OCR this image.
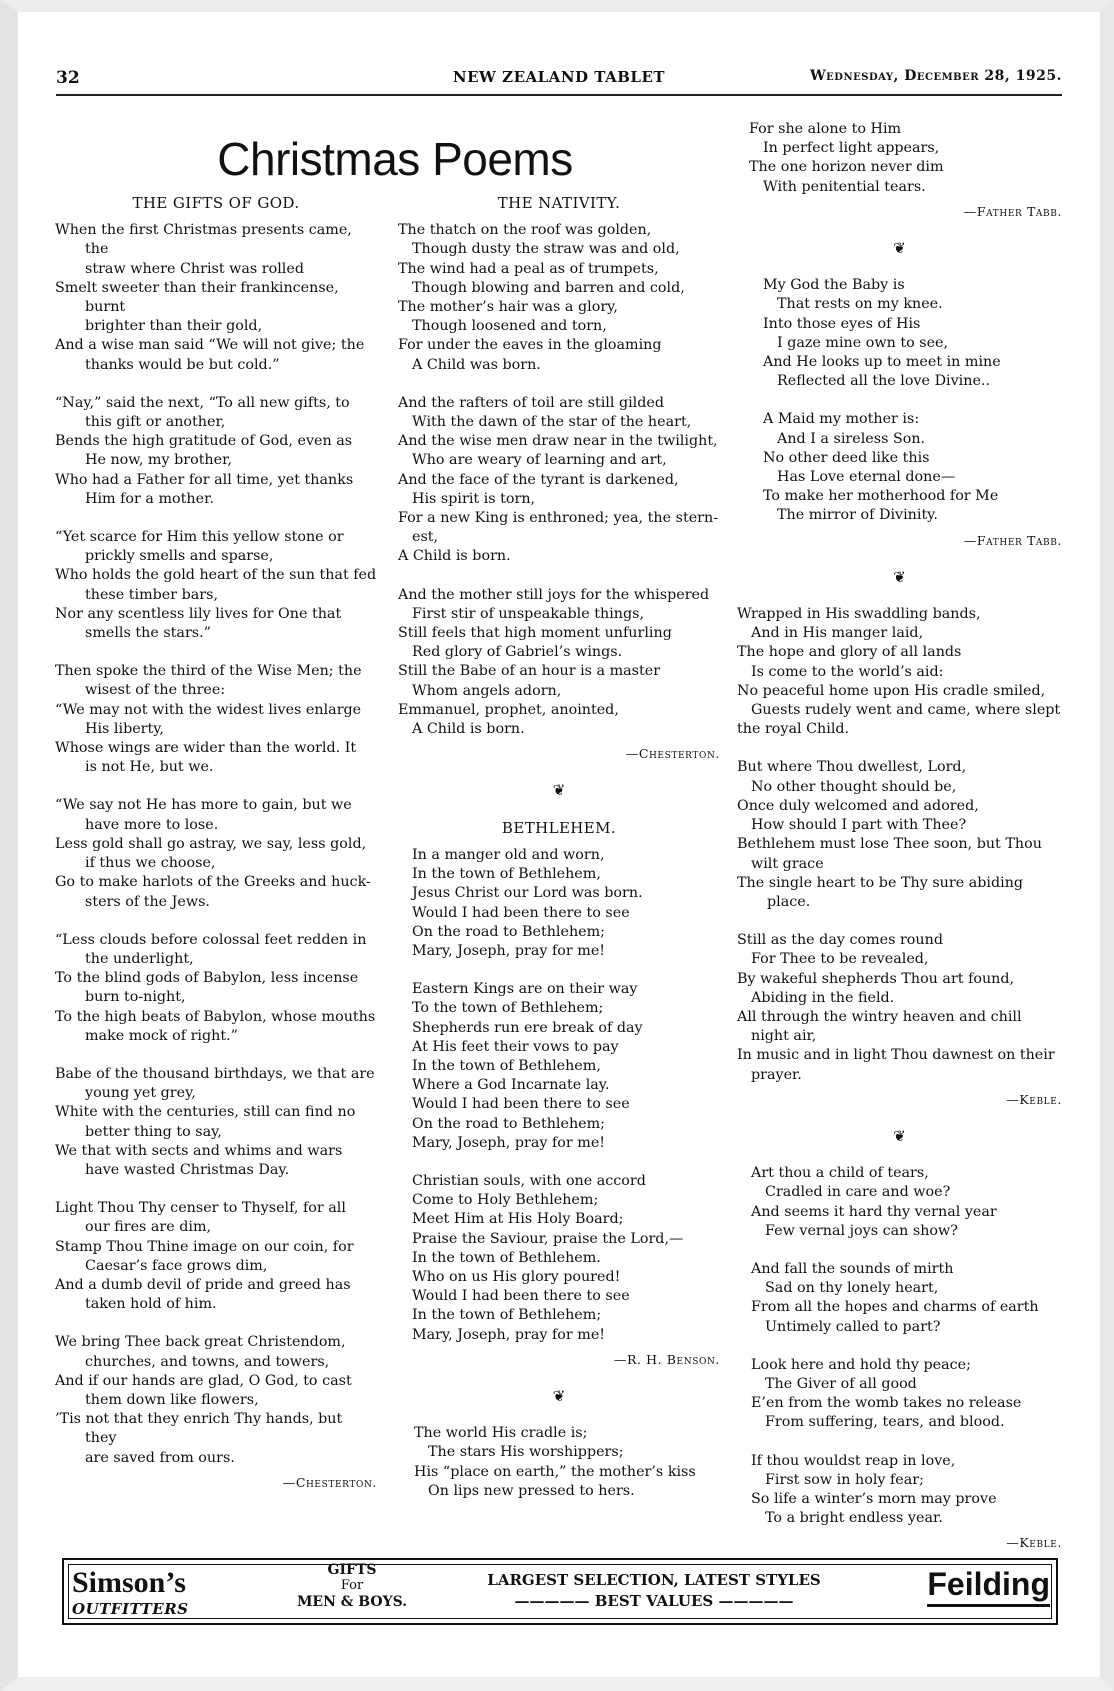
32	NEW ZEALAND TABLET	Wednesday, December 28, 1925.
Christmas Poems
THE GIFTS OF GOD.
When the first Christmas presents came, the
straw where Christ was rolled
Smelt sweeter than their frankincense, burnt
brighter than their gold,
And a wise man said “We will not give; the
thanks would be but cold.”
“Nay,” said the next, “To all new gifts, to
this gift or another,
Bends the high gratitude of God, even as
He now, my brother,
Who had a Father for all time, yet thanks
Him for a mother.
“Yet scarce for Him this yellow stone or
prickly smells and sparse,
Who holds the gold heart of the sun that fed
these timber bars,
Nor any scentless lily lives for One that
smells the stars.”
Then spoke the third of the Wise Men; the
wisest of the three:
“We may not with the widest lives enlarge
His liberty,
Whose wings are wider than the world. It
is not He, but we.
“We say not He has more to gain, but we
have more to lose.
Less gold shall go astray, we say, less gold,
if thus we choose,
Go to make harlots of the Greeks and huck-
sters of the Jews.
“Less clouds before colossal feet redden in
the underlight,
To the blind gods of Babylon, less incense
burn to-night,
To the high beats of Babylon, whose mouths
make mock of right.”
Babe of the thousand birthdays, we that are
young yet grey,
White with the centuries, still can find no
better thing to say,
We that with sects and whims and wars
have wasted Christmas Day.
Light Thou Thy censer to Thyself, for all
our fires are dim,
Stamp Thou Thine image on our coin, for
Caesar’s face grows dim,
And a dumb devil of pride and greed has
taken hold of him.
We bring Thee back great Christendom,
churches, and towns, and towers,
And if our hands are glad, O God, to cast
them down like flowers,
’Tis not that they enrich Thy hands, but they
are saved from ours.
—Chesterton.
THE NATIVITY.
The thatch on the roof was golden,
Though dusty the straw was and old,
The wind had a peal as of trumpets,
Though blowing and barren and cold,
The mother’s hair was a glory,
Though loosened and torn,
For under the eaves in the gloaming
A Child was born.
And the rafters of toil are still gilded
With the dawn of the star of the heart,
And the wise men draw near in the twilight,
Who are weary of learning and art,
And the face of the tyrant is darkened,
His spirit is torn,
For a new King is enthroned; yea, the stern-
est,
A Child is born.
And the mother still joys for the whispered
First stir of unspeakable things,
Still feels that high moment unfurling
Red glory of Gabriel’s wings.
Still the Babe of an hour is a master
Whom angels adorn,
Emmanuel, prophet, anointed,
A Child is born.
—Chesterton.
❦
BETHLEHEM.
In a manger old and worn,
In the town of Bethlehem,
Jesus Christ our Lord was born.
Would I had been there to see
On the road to Bethlehem;
Mary, Joseph, pray for me!
Eastern Kings are on their way
To the town of Bethlehem;
Shepherds run ere break of day
At His feet their vows to pay
In the town of Bethlehem,
Where a God Incarnate lay.
Would I had been there to see
On the road to Bethlehem;
Mary, Joseph, pray for me!
Christian souls, with one accord
Come to Holy Bethlehem;
Meet Him at His Holy Board;
Praise the Saviour, praise the Lord,—
In the town of Bethlehem.
Who on us His glory poured!
Would I had been there to see
In the town of Bethlehem;
Mary, Joseph, pray for me!
—R. H. Benson.
❦
The world His cradle is;
The stars His worshippers;
His “place on earth,” the mother’s kiss
On lips new pressed to hers.
For she alone to Him
In perfect light appears,
The one horizon never dim
With penitential tears.
—Father Tabb.
❦
My God the Baby is
That rests on my knee.
Into those eyes of His
I gaze mine own to see,
And He looks up to meet in mine
Reflected all the love Divine..
A Maid my mother is:
And I a sireless Son.
No other deed like this
Has Love eternal done—
To make her motherhood for Me
The mirror of Divinity.
—Father Tabb.
❦
Wrapped in His swaddling bands,
And in His manger laid,
The hope and glory of all lands
Is come to the world’s aid:
No peaceful home upon His cradle smiled,
Guests rudely went and came, where slept
the royal Child.
But where Thou dwellest, Lord,
No other thought should be,
Once duly welcomed and adored,
How should I part with Thee?
Bethlehem must lose Thee soon, but Thou
wilt grace
The single heart to be Thy sure abiding place.
Still as the day comes round
For Thee to be revealed,
By wakeful shepherds Thou art found,
Abiding in the field.
All through the wintry heaven and chill
night air,
In music and in light Thou dawnest on their
prayer.
—Keble.
❦
Art thou a child of tears,
Cradled in care and woe?
And seems it hard thy vernal year
Few vernal joys can show?
And fall the sounds of mirth
Sad on thy lonely heart,
From all the hopes and charms of earth
Untimely called to part?
Look here and hold thy peace;
The Giver of all good
E’en from the womb takes no release
From suffering, tears, and blood.
If thou wouldst reap in love,
First sow in holy fear;
So life a winter’s morn may prove
To a bright endless year.
—Keble.
Simson’s
OUTFITTERS
GIFTS
For
MEN & BOYS.
LARGEST SELECTION, LATEST STYLES
————— BEST VALUES —————	Feilding
